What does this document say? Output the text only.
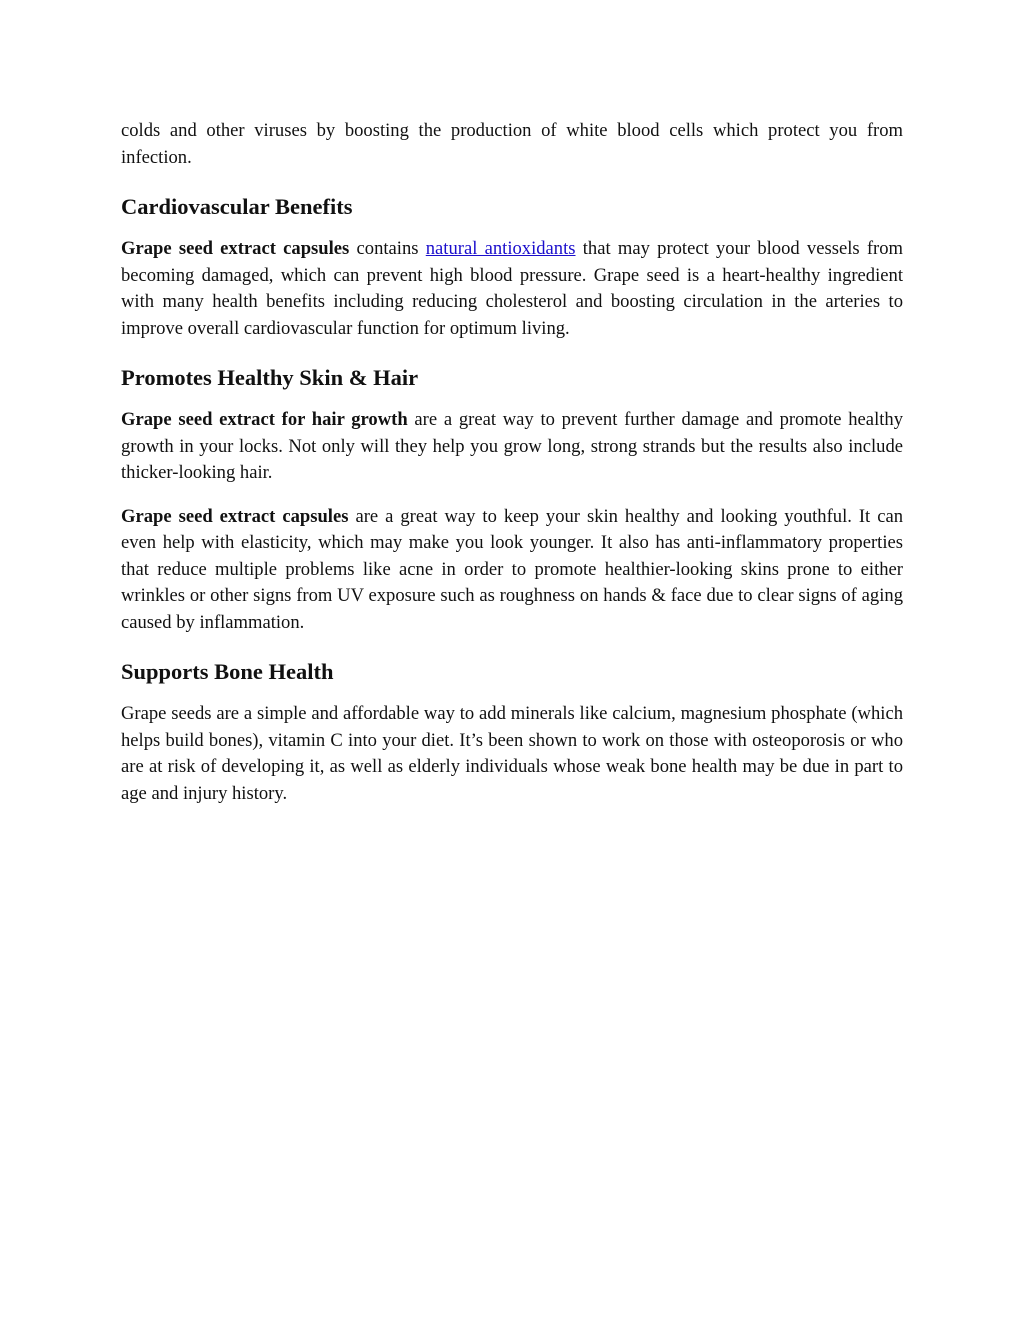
colds and other viruses by boosting the production of white blood cells which protect you from infection.

Cardiovascular Benefits

Grape seed extract capsules contains natural antioxidants that may protect your blood vessels from becoming damaged, which can prevent high blood pressure. Grape seed is a heart-healthy ingredient with many health benefits including reducing cholesterol and boosting circulation in the arteries to improve overall cardiovascular function for optimum living.

Promotes Healthy Skin & Hair

Grape seed extract for hair growth are a great way to prevent further damage and promote healthy growth in your locks. Not only will they help you grow long, strong strands but the results also include thicker-looking hair.

Grape seed extract capsules are a great way to keep your skin healthy and looking youthful. It can even help with elasticity, which may make you look younger. It also has anti-inflammatory properties that reduce multiple problems like acne in order to promote healthier-looking skins prone to either wrinkles or other signs from UV exposure such as roughness on hands & face due to clear signs of aging caused by inflammation.

Supports Bone Health

Grape seeds are a simple and affordable way to add minerals like calcium, magnesium phosphate (which helps build bones), vitamin C into your diet. It’s been shown to work on those with osteoporosis or who are at risk of developing it, as well as elderly individuals whose weak bone health may be due in part to age and injury history.
